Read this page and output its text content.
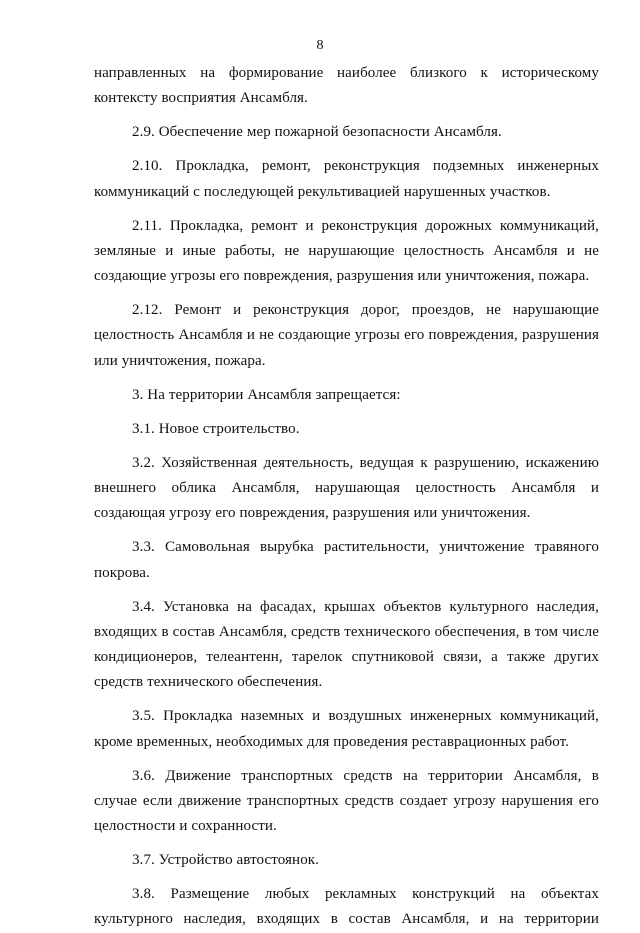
8

направленных на формирование наиболее близкого к историческому контексту восприятия Ансамбля.

2.9. Обеспечение мер пожарной безопасности Ансамбля.

2.10. Прокладка, ремонт, реконструкция подземных инженерных коммуникаций с последующей рекультивацией нарушенных участков.

2.11. Прокладка, ремонт и реконструкция дорожных коммуникаций, земляные и иные работы, не нарушающие целостность Ансамбля и не создающие угрозы его повреждения, разрушения или уничтожения, пожара.

2.12. Ремонт и реконструкция дорог, проездов, не нарушающие целостность Ансамбля и не создающие угрозы его повреждения, разрушения или уничтожения, пожара.

3. На территории Ансамбля запрещается:

3.1. Новое строительство.

3.2. Хозяйственная деятельность, ведущая к разрушению, искажению внешнего облика Ансамбля, нарушающая целостность Ансамбля и создающая угрозу его повреждения, разрушения или уничтожения.

3.3. Самовольная вырубка растительности, уничтожение травяного покрова.

3.4. Установка на фасадах, крышах объектов культурного наследия, входящих в состав Ансамбля, средств технического обеспечения, в том числе кондиционеров, телеантенн, тарелок спутниковой связи, а также других средств технического обеспечения.

3.5. Прокладка наземных и воздушных инженерных коммуникаций, кроме временных, необходимых для проведения реставрационных работ.

3.6. Движение транспортных средств на территории Ансамбля, в случае если движение транспортных средств создает угрозу нарушения его целостности и сохранности.

3.7. Устройство автостоянок.

3.8. Размещение любых рекламных конструкций на объектах культурного наследия, входящих в состав Ансамбля, и на территории
